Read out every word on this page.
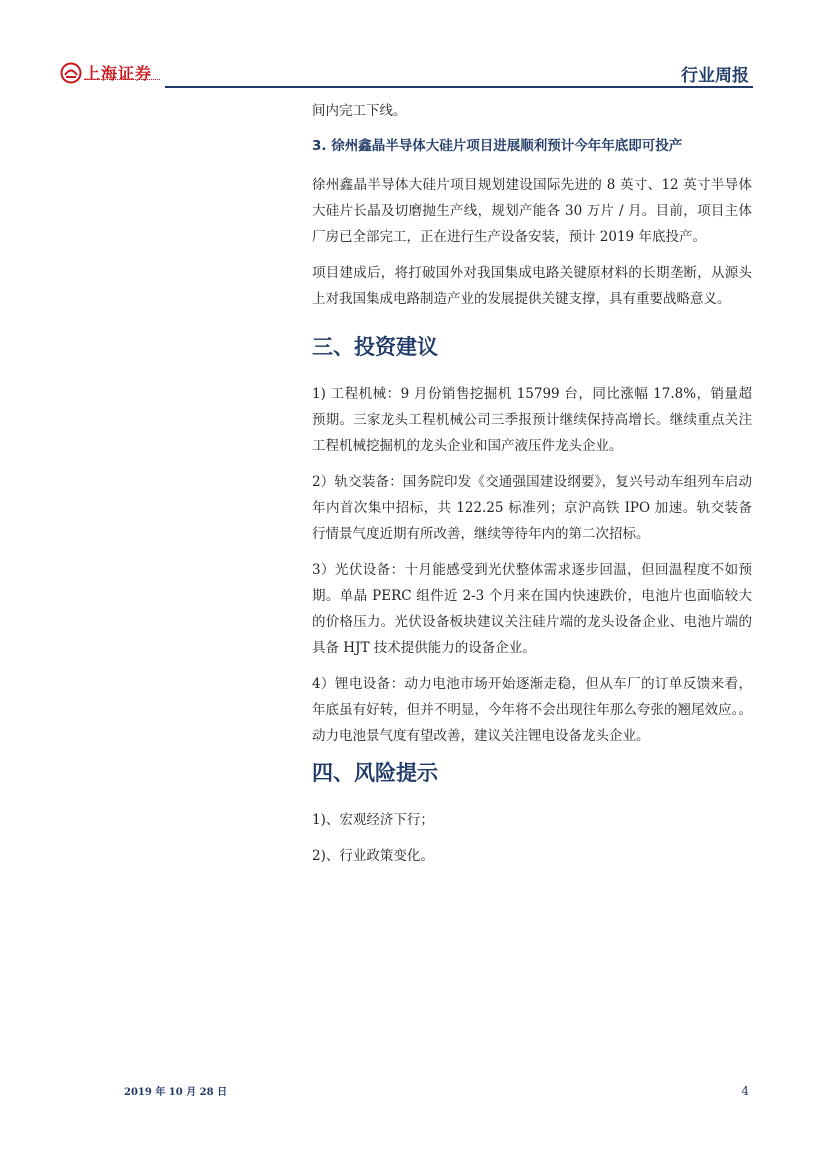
上海证券	行业周报

间内完工下线。

3. 徐州鑫晶半导体大硅片项目进展顺利预计今年年底即可投产

徐州鑫晶半导体大硅片项目规划建设国际先进的 8 英寸、12 英寸半导体大硅片长晶及切磨抛生产线，规划产能各 30 万片 / 月。目前，项目主体厂房已全部完工，正在进行生产设备安装，预计 2019 年底投产。

项目建成后，将打破国外对我国集成电路关键原材料的长期垄断，从源头上对我国集成电路制造产业的发展提供关键支撑，具有重要战略意义。

三、投资建议

1) 工程机械：9 月份销售挖掘机 15799 台，同比涨幅 17.8%，销量超预期。三家龙头工程机械公司三季报预计继续保持高增长。继续重点关注工程机械挖掘机的龙头企业和国产液压件龙头企业。

2）轨交装备：国务院印发《交通强国建设纲要》，复兴号动车组列车启动年内首次集中招标，共 122.25 标准列；京沪高铁 IPO 加速。轨交装备行情景气度近期有所改善，继续等待年内的第二次招标。

3）光伏设备：十月能感受到光伏整体需求逐步回温，但回温程度不如预期。单晶 PERC 组件近 2-3 个月来在国内快速跌价，电池片也面临较大的价格压力。光伏设备板块建议关注硅片端的龙头设备企业、电池片端的具备 HJT 技术提供能力的设备企业。

4）锂电设备：动力电池市场开始逐渐走稳，但从车厂的订单反馈来看，年底虽有好转，但并不明显，今年将不会出现往年那么夸张的翘尾效应。。动力电池景气度有望改善，建议关注锂电设备龙头企业。

四、风险提示

1)、宏观经济下行；

2)、行业政策变化。

2019 年 10 月 28 日	4
